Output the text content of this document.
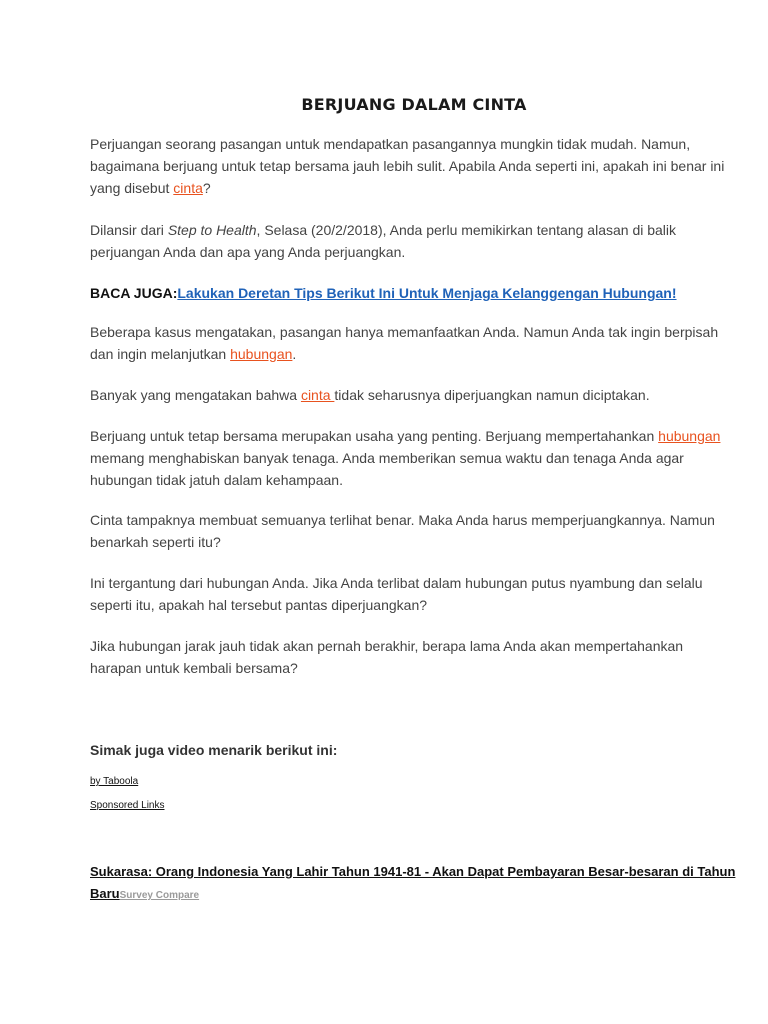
BERJUANG DALAM CINTA

Perjuangan seorang pasangan untuk mendapatkan pasangannya mungkin tidak mudah. Namun, bagaimana berjuang untuk tetap bersama jauh lebih sulit. Apabila Anda seperti ini, apakah ini benar ini yang disebut cinta?

Dilansir dari Step to Health, Selasa (20/2/2018), Anda perlu memikirkan tentang alasan di balik perjuangan Anda dan apa yang Anda perjuangkan.

BACA JUGA:Lakukan Deretan Tips Berikut Ini Untuk Menjaga Kelanggengan Hubungan!

Beberapa kasus mengatakan, pasangan hanya memanfaatkan Anda. Namun Anda tak ingin berpisah dan ingin melanjutkan hubungan.

Banyak yang mengatakan bahwa cinta tidak seharusnya diperjuangkan namun diciptakan.

Berjuang untuk tetap bersama merupakan usaha yang penting. Berjuang mempertahankan hubungan memang menghabiskan banyak tenaga. Anda memberikan semua waktu dan tenaga Anda agar hubungan tidak jatuh dalam kehampaan.

Cinta tampaknya membuat semuanya terlihat benar. Maka Anda harus memperjuangkannya. Namun benarkah seperti itu?

Ini tergantung dari hubungan Anda. Jika Anda terlibat dalam hubungan putus nyambung dan selalu seperti itu, apakah hal tersebut pantas diperjuangkan?

Jika hubungan jarak jauh tidak akan pernah berakhir, berapa lama Anda akan mempertahankan harapan untuk kembali bersama?

Simak juga video menarik berikut ini:

by Taboola

Sponsored Links

Sukarasa: Orang Indonesia Yang Lahir Tahun 1941-81 - Akan Dapat Pembayaran Besar-besaran di Tahun BaruSurvey Compare
